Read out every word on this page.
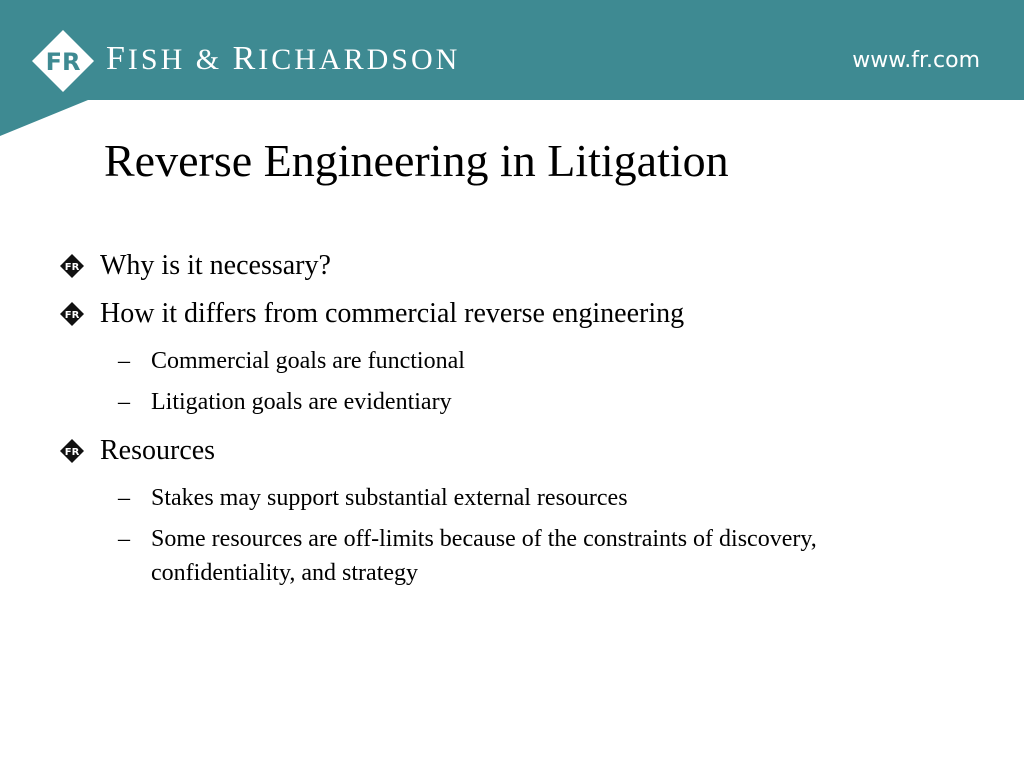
FR FISH & RICHARDSON	www.fr.com
Reverse Engineering in Litigation
FR Why is it necessary?
FR How it differs from commercial reverse engineering
– Commercial goals are functional
– Litigation goals are evidentiary
FR Resources
– Stakes may support substantial external resources
– Some resources are off-limits because of the constraints of discovery, confidentiality, and strategy
